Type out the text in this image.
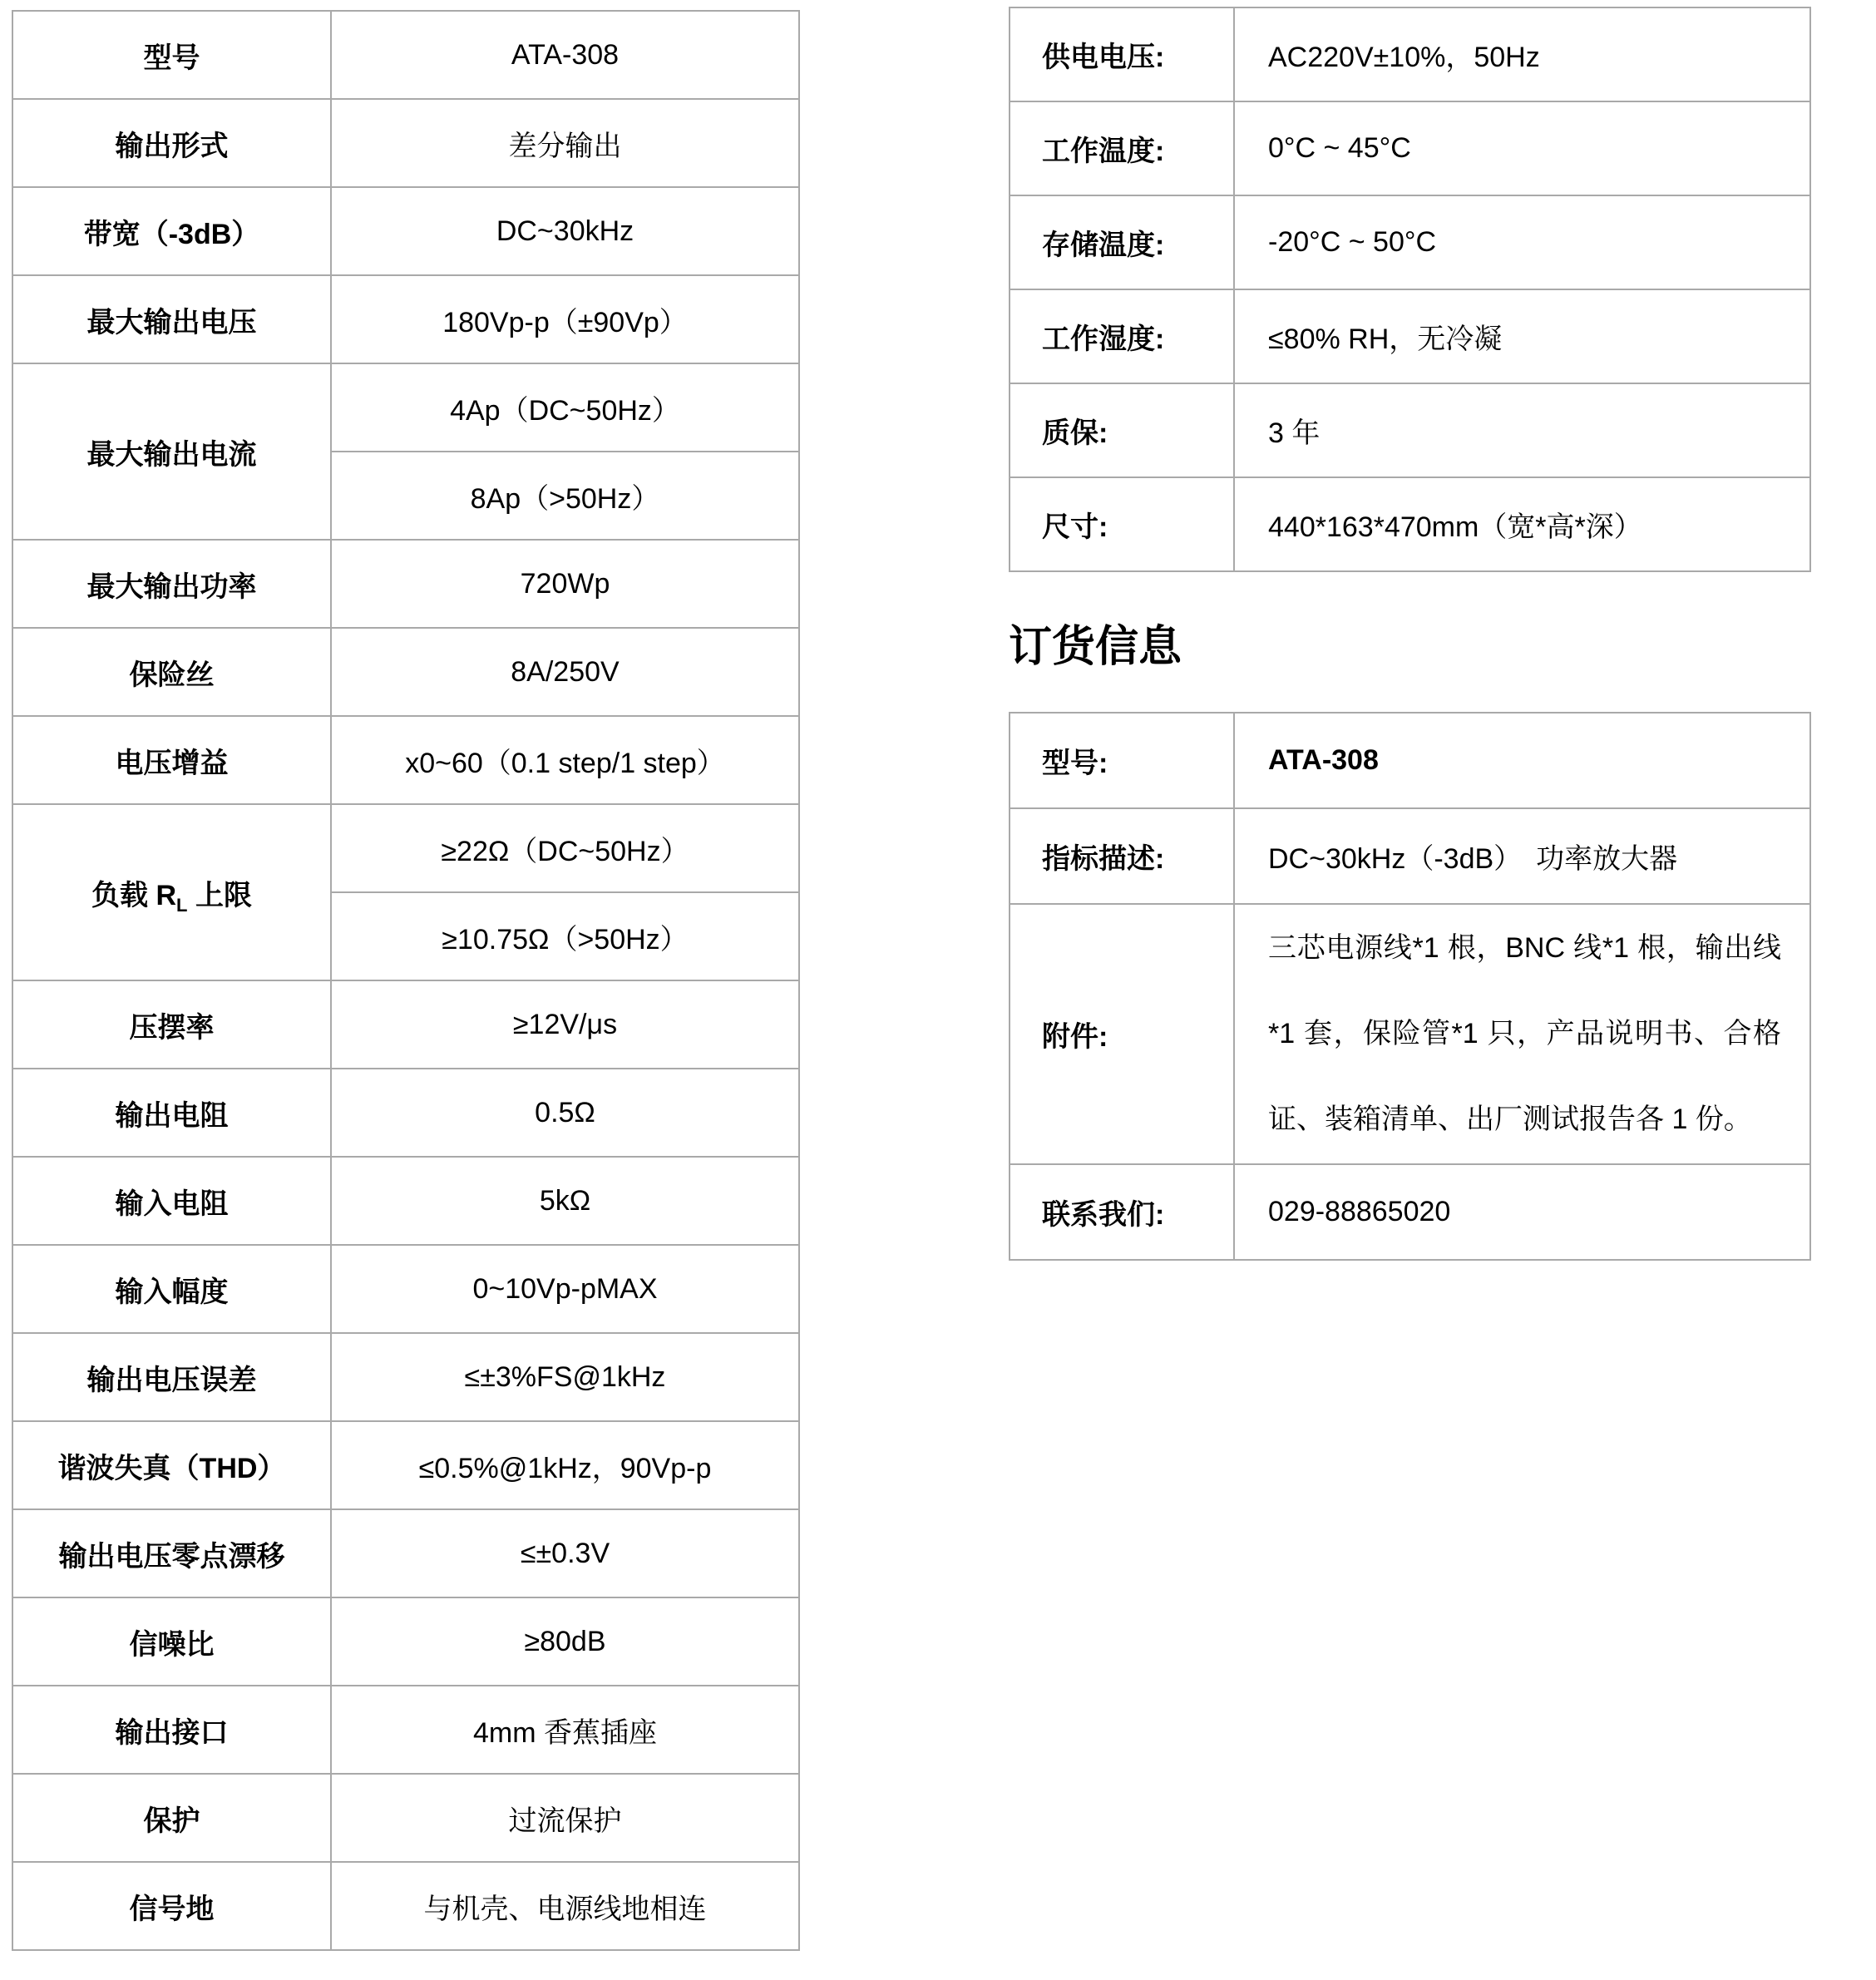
型号	ATA-308
输出形式	差分输出
带宽（-3dB）	DC~30kHz
最大输出电压	180Vp-p（±90Vp）
最大输出电流	4Ap（DC~50Hz）
	8Ap（>50Hz）
最大输出功率	720Wp
保险丝	8A/250V
电压增益	x0~60（0.1 step/1 step）
负载 $R_L$ 上限	≥22Ω（DC~50Hz）
	≥10.75Ω（>50Hz）
压摆率	≥12V/μs
输出电阻	0.5Ω
输入电阻	5kΩ
输入幅度	0~10Vp-pMAX
输出电压误差	≤±3%FS@1kHz
谐波失真（THD）	≤0.5%@1kHz，90Vp-p
输出电压零点漂移	≤±0.3V
信噪比	≥80dB
输出接口	4mm 香蕉插座
保护	过流保护
信号地	与机壳、电源线地相连
供电电压:	AC220V±10%，50Hz
工作温度:	0°C ~ 45°C
存储温度:	-20°C ~ 50°C
工作湿度:	≤80% RH，无冷凝
质保:	3 年
尺寸:	440*163*470mm（宽*高*深）
订货信息
型号:	ATA-308
指标描述:	DC~30kHz（-3dB）　功率放大器
附件:	三芯电源线*1 根，BNC 线*1 根，输出线*1 套，保险管*1 只，产品说明书、合格证、装箱清单、出厂测试报告各 1 份。
联系我们:	029-88865020
